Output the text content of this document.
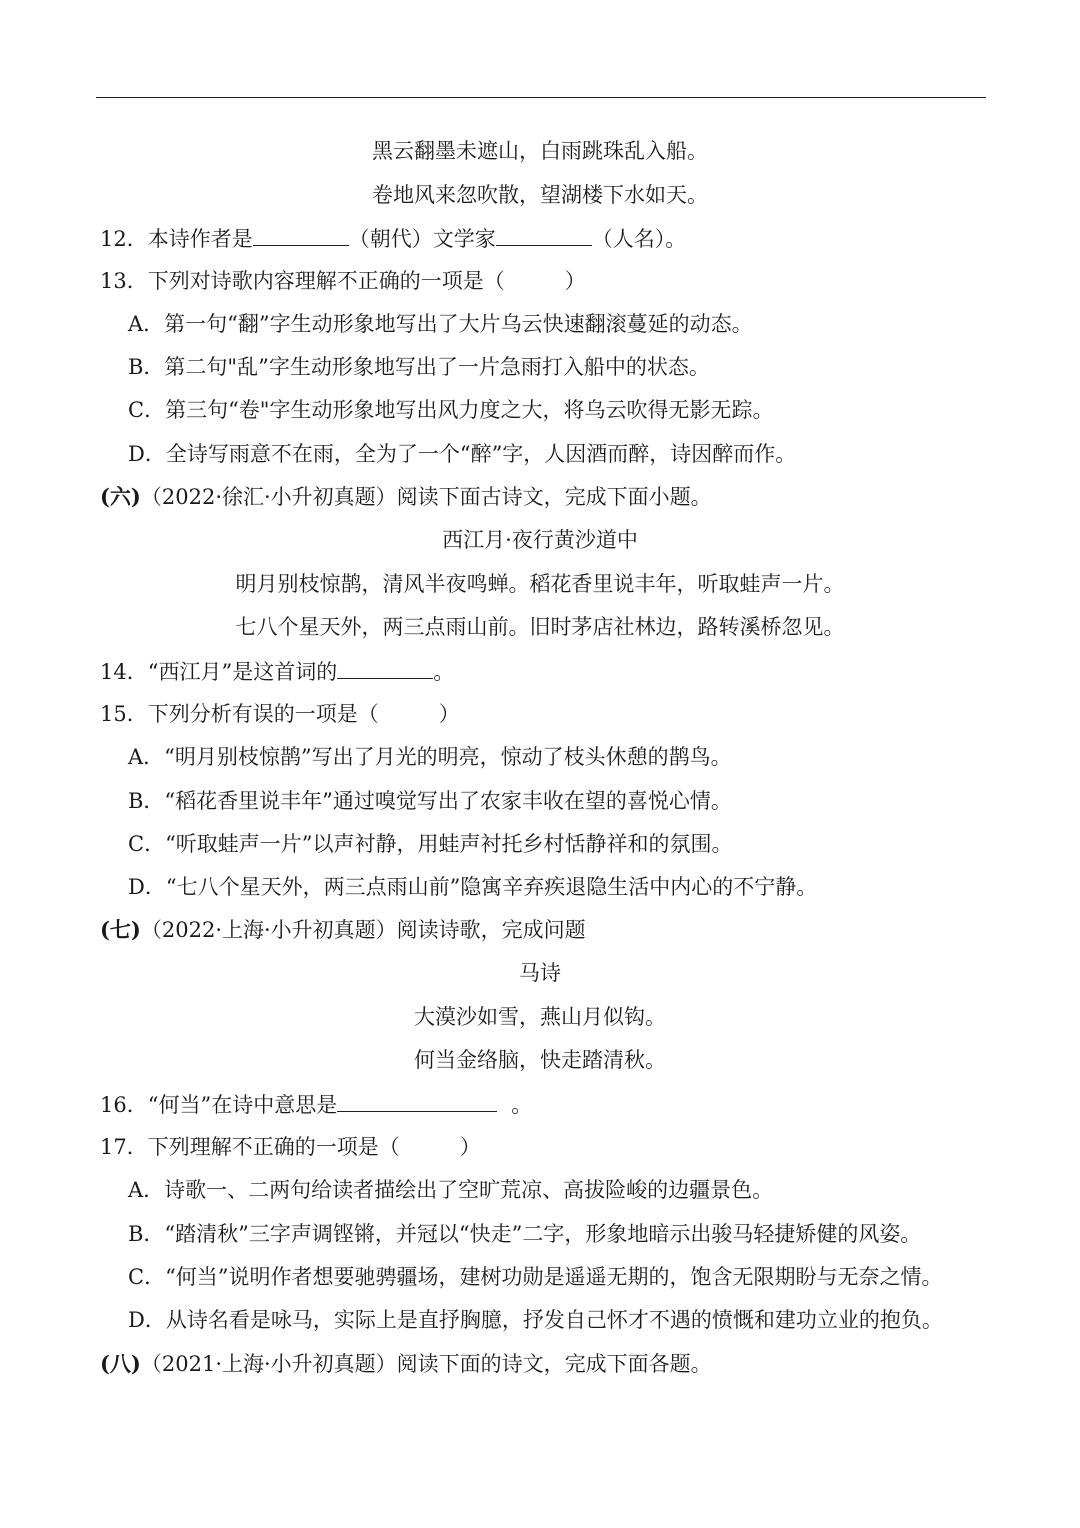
黑云翻墨未遮山，白雨跳珠乱入船。
卷地风来忽吹散，望湖楼下水如天。
12．本诗作者是	（朝代）文学家	（人名）。
13．下列对诗歌内容理解不正确的一项是（	）
A．第一句“翻”字生动形象地写出了大片乌云快速翻滚蔓延的动态。
B．第二句"乱”字生动形象地写出了一片急雨打入船中的状态。
C．第三句“卷"字生动形象地写出风力度之大，将乌云吹得无影无踪。
D．全诗写雨意不在雨，全为了一个“醉”字，人因酒而醉，诗因醉而作。
(六)（2022·徐汇·小升初真题）阅读下面古诗文，完成下面小题。
西江月·夜行黄沙道中
明月别枝惊鹊，清风半夜鸣蝉。稻花香里说丰年，听取蛙声一片。
七八个星天外，两三点雨山前。旧时茅店社林边，路转溪桥忽见。
14．“西江月”是这首词的	。
15．下列分析有误的一项是（	）
A．“明月别枝惊鹊”写出了月光的明亮，惊动了枝头休憩的鹊鸟。
B．“稻花香里说丰年”通过嗅觉写出了农家丰收在望的喜悦心情。
C．“听取蛙声一片”以声衬静，用蛙声衬托乡村恬静祥和的氛围。
D．“七八个星天外，两三点雨山前”隐寓辛弃疾退隐生活中内心的不宁静。
(七)（2022·上海·小升初真题）阅读诗歌，完成问题
马诗
大漠沙如雪，燕山月似钩。
何当金络脑，快走踏清秋。
16．“何当”在诗中意思是	。
17．下列理解不正确的一项是（	）
A．诗歌一、二两句给读者描绘出了空旷荒凉、高拔险峻的边疆景色。
B．“踏清秋”三字声调铿锵，并冠以“快走”二字，形象地暗示出骏马轻捷矫健的风姿。
C．“何当”说明作者想要驰骋疆场，建树功勋是遥遥无期的，饱含无限期盼与无奈之情。
D．从诗名看是咏马，实际上是直抒胸臆，抒发自己怀才不遇的愤慨和建功立业的抱负。
(八)（2021·上海·小升初真题）阅读下面的诗文，完成下面各题。
